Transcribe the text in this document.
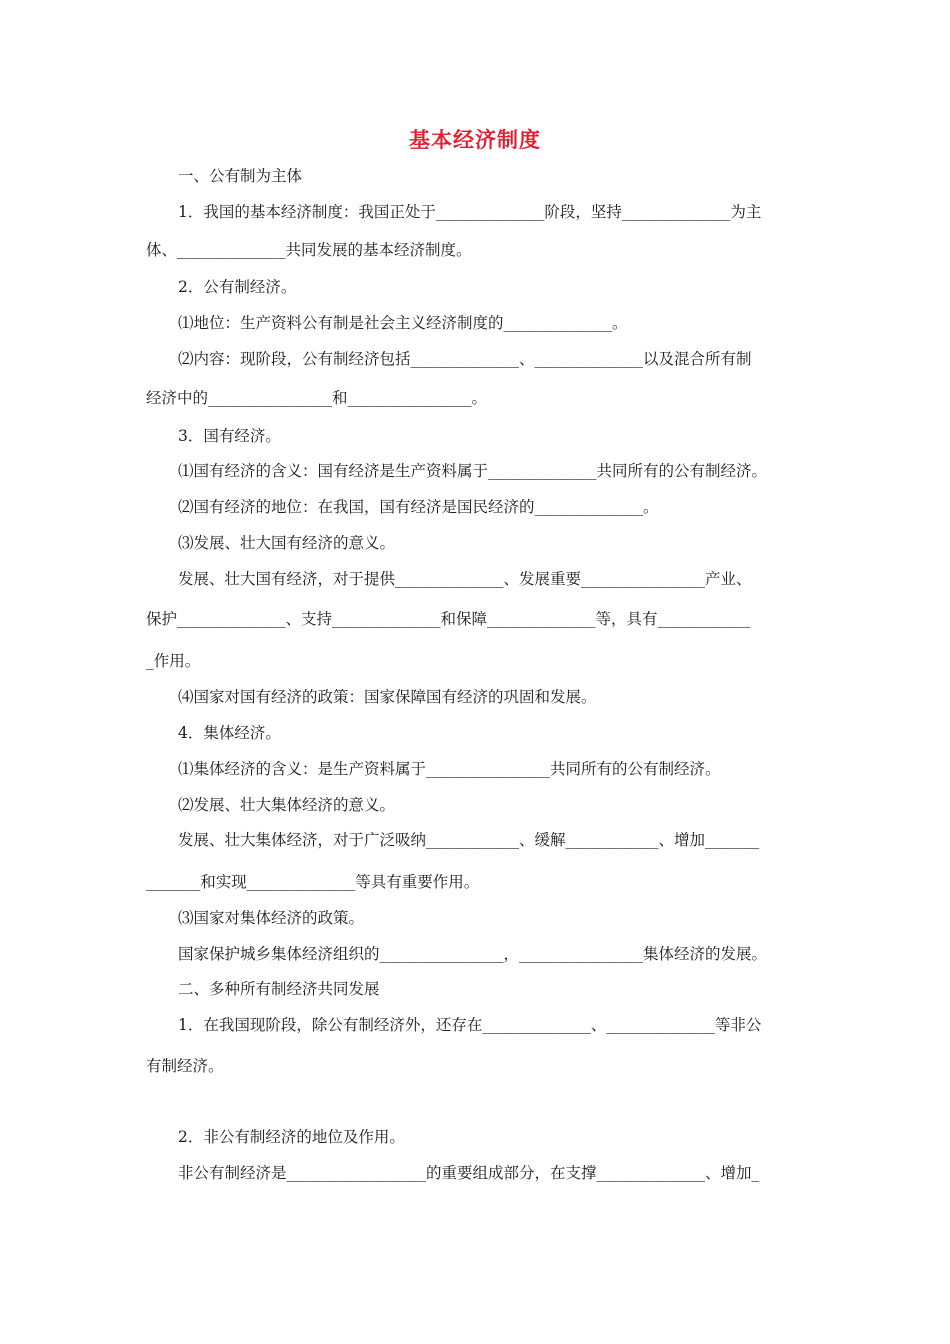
基本经济制度

一、公有制为主体

1．我国的基本经济制度：我国正处于______________阶段，坚持______________为主

体、______________共同发展的基本经济制度。

2．公有制经济。

⑴地位：生产资料公有制是社会主义经济制度的______________。

⑵内容：现阶段，公有制经济包括______________、______________以及混合所有制

经济中的________________和________________。

3．国有经济。

⑴国有经济的含义：国有经济是生产资料属于______________共同所有的公有制经济。

⑵国有经济的地位：在我国，国有经济是国民经济的______________。

⑶发展、壮大国有经济的意义。

发展、壮大国有经济，对于提供______________、发展重要________________产业、

保护______________、支持______________和保障______________等，具有____________

_作用。

⑷国家对国有经济的政策：国家保障国有经济的巩固和发展。

4．集体经济。

⑴集体经济的含义：是生产资料属于________________共同所有的公有制经济。

⑵发展、壮大集体经济的意义。

发展、壮大集体经济，对于广泛吸纳____________、缓解____________、增加_______

_______和实现______________等具有重要作用。

⑶国家对集体经济的政策。

国家保护城乡集体经济组织的________________，________________集体经济的发展。

二、多种所有制经济共同发展

1．在我国现阶段，除公有制经济外，还存在______________、______________等非公

有制经济。

2．非公有制经济的地位及作用。

非公有制经济是__________________的重要组成部分，在支撑______________、增加_
